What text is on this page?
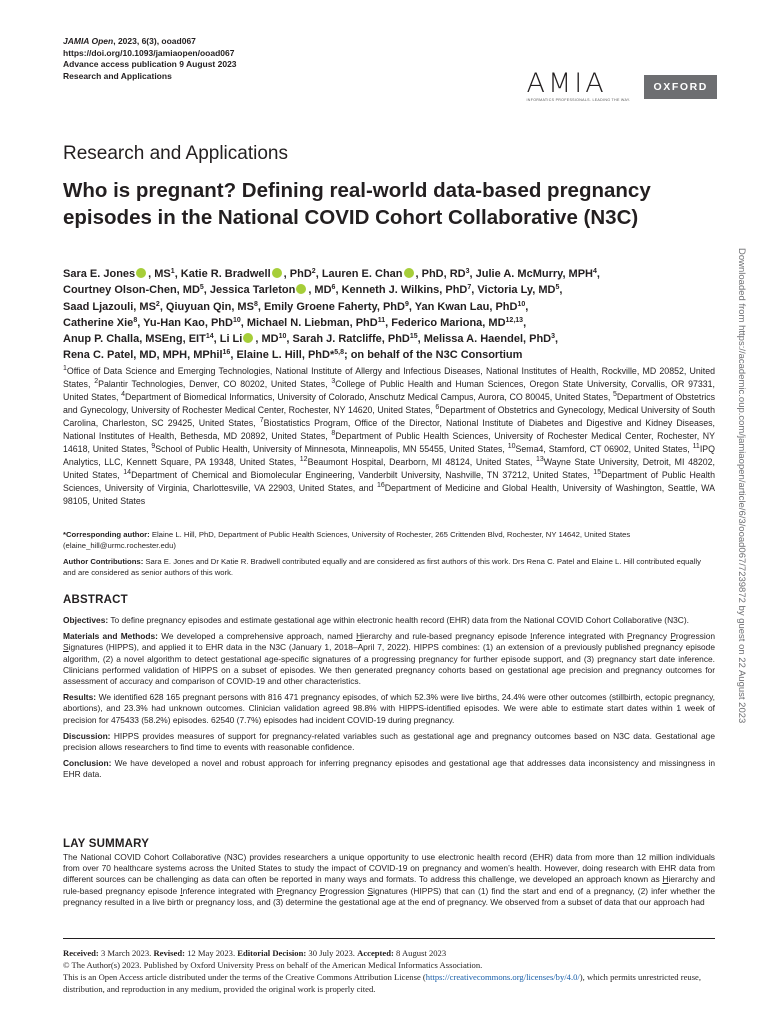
JAMIA Open, 2023, 6(3), ooad067
https://doi.org/10.1093/jamiaopen/ooad067
Advance access publication 9 August 2023
Research and Applications	AMIA
INFORMATICS PROFESSIONALS. LEADING THE WAY.
OXFORD
Downloaded from https://academic.oup.com/jamiaopen/article/6/3/ooad067/7239872 by guest on 22 August 2023
Research and Applications
Who is pregnant? Defining real-world data-based pregnancy episodes in the National COVID Cohort Collaborative (N3C)
Sara E. Jones , $MS^1$, Katie R. Bradwell , PhD$^2$, Lauren E. Chan , PhD, $RD^3$, Julie A. McMurry, MPH$^4$,
Courtney Olson-Chen, $MD^5$, Jessica Tarleton , $MD^6$, Kenneth J. Wilkins, PhD$^7$, Victoria Ly, $MD^5$,
Saad Ljazouli, $MS^2$, Qiuyuan Qin, $MS^8$, Emily Groene Faherty, PhD$^9$, Yan Kwan Lau, PhD$^{10}$,
Catherine Xie$^8$, Yu-Han Kao, PhD$^{10}$, Michael N. Liebman, PhD$^{11}$, Federico Mariona, MD$^{12,13}$,
Anup P. Challa, MSEng, EIT$^{14}$, Li Li , MD$^{10}$, Sarah J. Ratcliffe, PhD$^{15}$, Melissa A. Haendel, PhD$^3$,
Rena C. Patel, MD, MPH, MPhil$^{16}$, Elaine L. Hill, PhD*$^{5,8}$; on behalf of the N3C Consortium
$^1$Office of Data Science and Emerging Technologies, National Institute of Allergy and Infectious Diseases, National Institutes of Health, Rockville, MD 20852, United States, $^2$Palantir Technologies, Denver, CO 80202, United States, $^3$College of Public Health and Human Sciences, Oregon State University, Corvallis, OR 97331, United States, $^4$Department of Biomedical Informatics, University of Colorado, Anschutz Medical Campus, Aurora, CO 80045, United States, $^5$Department of Obstetrics and Gynecology, University of Rochester Medical Center, Rochester, NY 14620, United States, $^6$Department of Obstetrics and Gynecology, Medical University of South Carolina, Charleston, SC 29425, United States, $^7$Biostatistics Program, Office of the Director, National Institute of Diabetes and Digestive and Kidney Diseases, National Institutes of Health, Bethesda, MD 20892, United States, $^8$Department of Public Health Sciences, University of Rochester Medical Center, Rochester, NY 14618, United States, $^9$School of Public Health, University of Minnesota, Minneapolis, MN 55455, United States, $^{10}$Sema4, Stamford, CT 06902, United States, $^{11}$IPQ Analytics, LLC, Kennett Square, PA 19348, United States, $^{12}$Beaumont Hospital, Dearborn, MI 48124, United States, $^{13}$Wayne State University, Detroit, MI 48202, United States, $^{14}$Department of Chemical and Biomolecular Engineering, Vanderbilt University, Nashville, TN 37212, United States, $^{15}$Department of Public Health Sciences, University of Virginia, Charlottesville, VA 22903, United States, and $^{16}$Department of Medicine and Global Health, University of Washington, Seattle, WA 98105, United States
*Corresponding author: Elaine L. Hill, PhD, Department of Public Health Sciences, University of Rochester, 265 Crittenden Blvd, Rochester, NY 14642, United States (elaine_hill@urmc.rochester.edu)
Author Contributions: Sara E. Jones and Dr Katie R. Bradwell contributed equally and are considered as first authors of this work. Drs Rena C. Patel and Elaine L. Hill contributed equally and are considered as senior authors of this work.
ABSTRACT

Objectives: To define pregnancy episodes and estimate gestational age within electronic health record (EHR) data from the National COVID Cohort Collaborative (N3C).

Materials and Methods: We developed a comprehensive approach, named Hierarchy and rule-based pregnancy episode Inference integrated with Pregnancy Progression Signatures (HIPPS), and applied it to EHR data in the N3C (January 1, 2018–April 7, 2022). HIPPS combines: (1) an extension of a previously published pregnancy episode algorithm, (2) a novel algorithm to detect gestational age-specific signatures of a progressing pregnancy for further episode support, and (3) pregnancy start date inference. Clinicians performed validation of HIPPS on a subset of episodes. We then generated pregnancy cohorts based on gestational age precision and pregnancy outcomes for assessment of accuracy and comparison of COVID-19 and other characteristics.

Results: We identified 628 165 pregnant persons with 816 471 pregnancy episodes, of which 52.3% were live births, 24.4% were other outcomes (stillbirth, ectopic pregnancy, abortions), and 23.3% had unknown outcomes. Clinician validation agreed 98.8% with HIPPS-identified episodes. We were able to estimate start dates within 1 week of precision for 475433 (58.2%) episodes. 62540 (7.7%) episodes had incident COVID-19 during pregnancy.

Discussion: HIPPS provides measures of support for pregnancy-related variables such as gestational age and pregnancy outcomes based on N3C data. Gestational age precision allows researchers to find time to events with reasonable confidence.

Conclusion: We have developed a novel and robust approach for inferring pregnancy episodes and gestational age that addresses data inconsistency and missingness in EHR data.

LAY SUMMARY
The National COVID Cohort Collaborative (N3C) provides researchers a unique opportunity to use electronic health record (EHR) data from more than 12 million individuals from over 70 healthcare systems across the United States to study the impact of COVID-19 on pregnancy and women’s health. However, doing research with EHR data from different sources can be challenging as data can often be reported in many ways and formats. To address this challenge, we developed an approach known as Hierarchy and rule-based pregnancy episode Inference integrated with Pregnancy Progression Signatures (HIPPS) that can (1) find the start and end of a pregnancy, (2) infer whether the pregnancy resulted in a live birth or pregnancy loss, and (3) determine the gestational age at the end of pregnancy. We observed from a subset of data that our approach had
Received: 3 March 2023. Revised: 12 May 2023. Editorial Decision: 30 July 2023. Accepted: 8 August 2023
© The Author(s) 2023. Published by Oxford University Press on behalf of the American Medical Informatics Association.
This is an Open Access article distributed under the terms of the Creative Commons Attribution License (https://creativecommons.org/licenses/by/4.0/), which permits unrestricted reuse, distribution, and reproduction in any medium, provided the original work is properly cited.
